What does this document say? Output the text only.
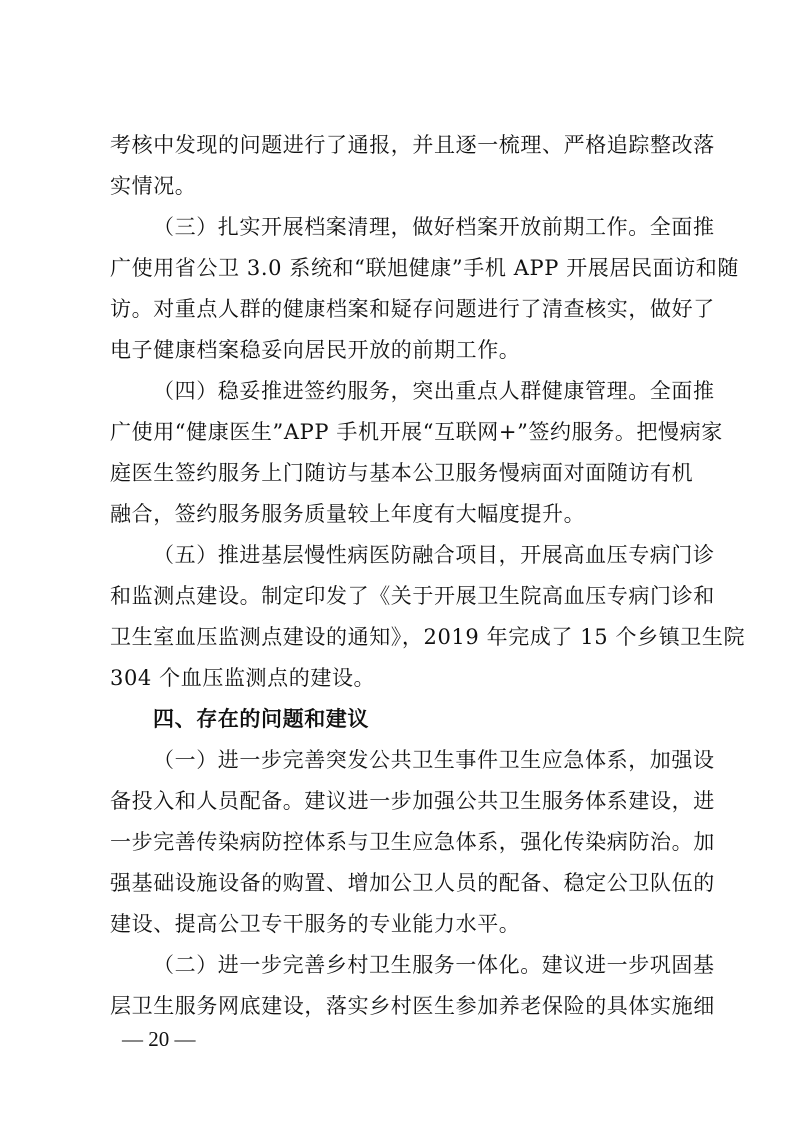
考核中发现的问题进行了通报，并且逐一梳理、严格追踪整改落
实情况。
（三）扎实开展档案清理，做好档案开放前期工作。全面推
广使用省公卫 3.0 系统和“联旭健康”手机 APP 开展居民面访和随
访。对重点人群的健康档案和疑存问题进行了清查核实，做好了
电子健康档案稳妥向居民开放的前期工作。
（四）稳妥推进签约服务，突出重点人群健康管理。全面推
广使用“健康医生”APP 手机开展“互联网+”签约服务。把慢病家
庭医生签约服务上门随访与基本公卫服务慢病面对面随访有机
融合，签约服务服务质量较上年度有大幅度提升。
（五）推进基层慢性病医防融合项目，开展高血压专病门诊
和监测点建设。制定印发了《关于开展卫生院高血压专病门诊和
卫生室血压监测点建设的通知》，2019 年完成了 15 个乡镇卫生院
304 个血压监测点的建设。
四、存在的问题和建议
（一）进一步完善突发公共卫生事件卫生应急体系，加强设
备投入和人员配备。建议进一步加强公共卫生服务体系建设，进
一步完善传染病防控体系与卫生应急体系，强化传染病防治。加
强基础设施设备的购置、增加公卫人员的配备、稳定公卫队伍的
建设、提高公卫专干服务的专业能力水平。
（二）进一步完善乡村卫生服务一体化。建议进一步巩固基
层卫生服务网底建设，落实乡村医生参加养老保险的具体实施细
— 20 —
